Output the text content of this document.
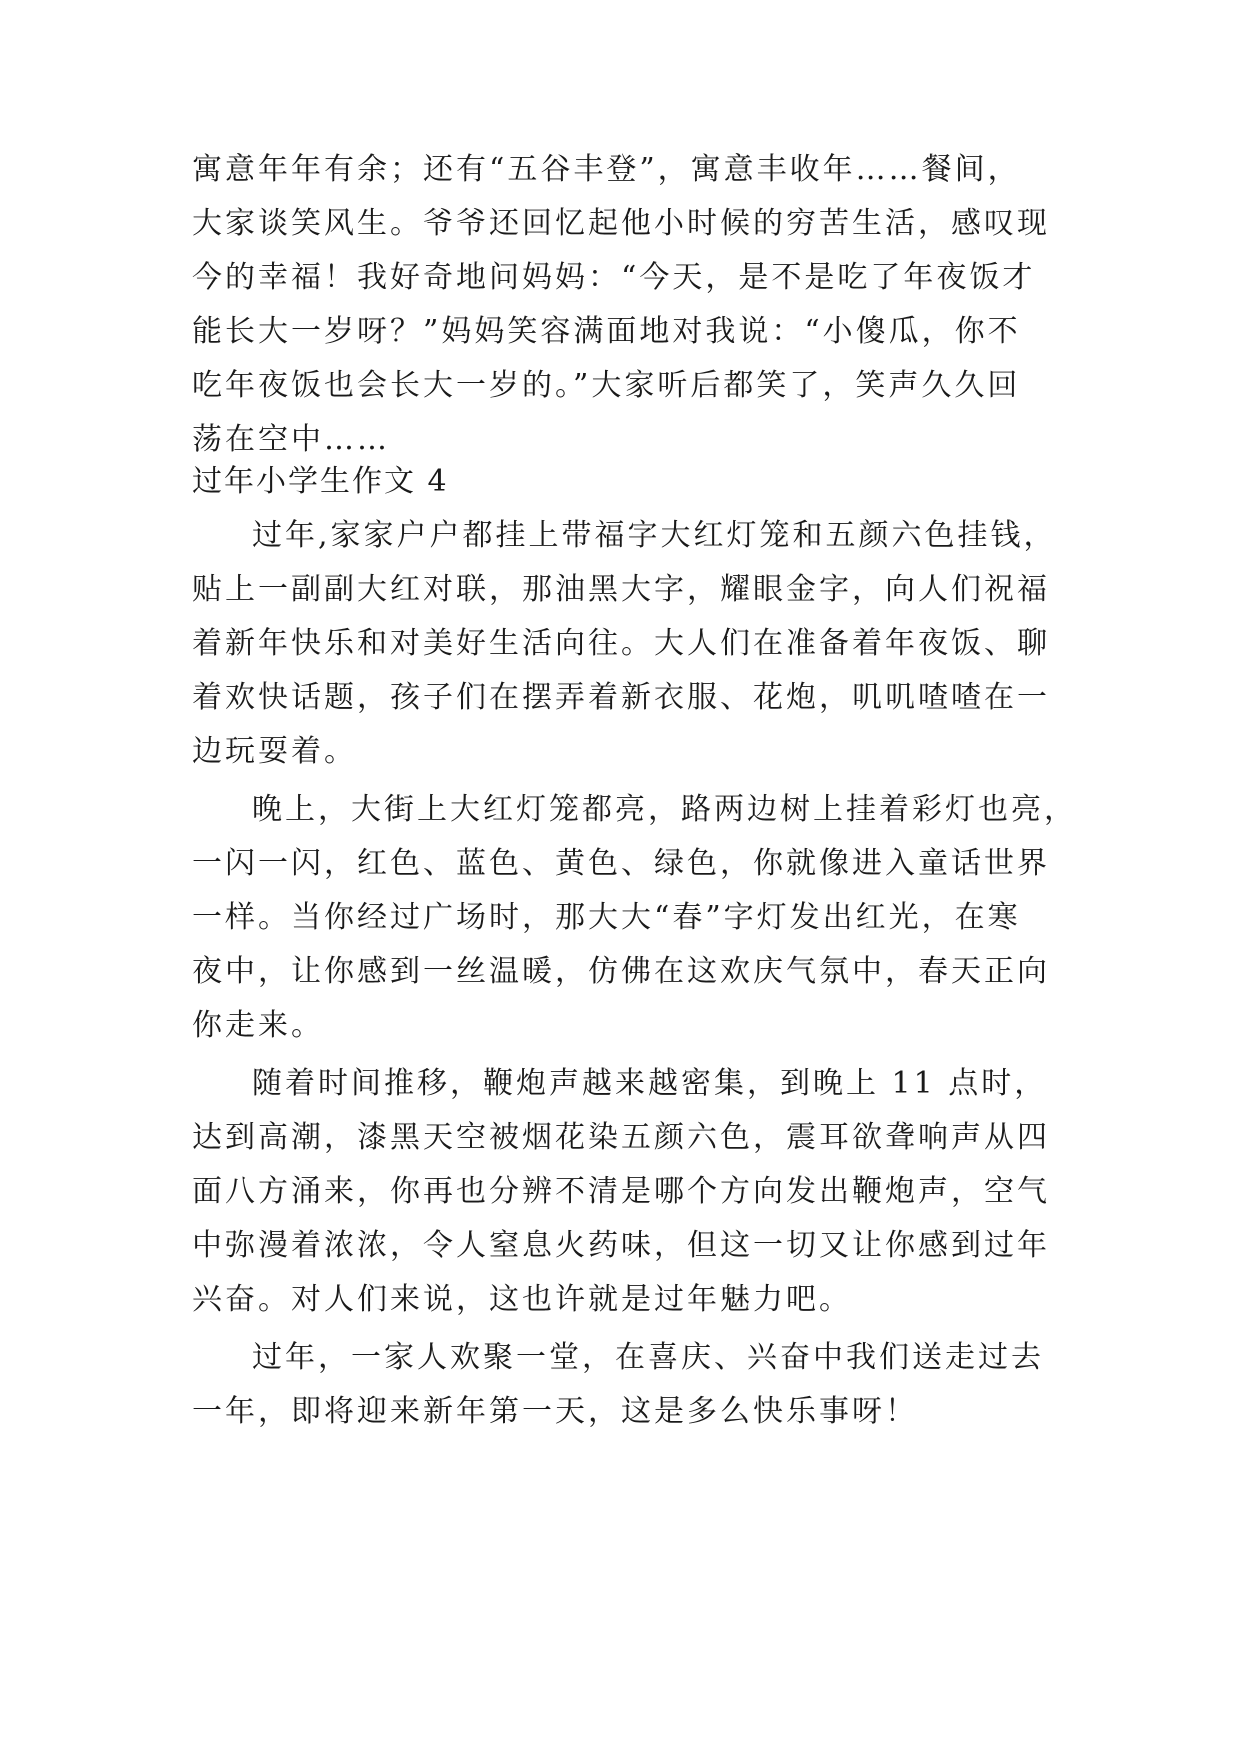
寓意年年有余；还有“五谷丰登”，寓意丰收年……餐间，
大家谈笑风生。爷爷还回忆起他小时候的穷苦生活，感叹现
今的幸福！我好奇地问妈妈：“今天，是不是吃了年夜饭才
能长大一岁呀？”妈妈笑容满面地对我说：“小傻瓜，你不
吃年夜饭也会长大一岁的。”大家听后都笑了，笑声久久回
荡在空中……
过年小学生作文 4
过年,家家户户都挂上带福字大红灯笼和五颜六色挂钱，
贴上一副副大红对联，那油黑大字，耀眼金字，向人们祝福
着新年快乐和对美好生活向往。大人们在准备着年夜饭、聊
着欢快话题，孩子们在摆弄着新衣服、花炮，叽叽喳喳在一
边玩耍着。
晚上，大街上大红灯笼都亮，路两边树上挂着彩灯也亮，
一闪一闪，红色、蓝色、黄色、绿色，你就像进入童话世界
一样。当你经过广场时，那大大“春”字灯发出红光，在寒
夜中，让你感到一丝温暖，仿佛在这欢庆气氛中，春天正向
你走来。
随着时间推移，鞭炮声越来越密集，到晚上 11 点时，
达到高潮，漆黑天空被烟花染五颜六色，震耳欲聋响声从四
面八方涌来，你再也分辨不清是哪个方向发出鞭炮声，空气
中弥漫着浓浓，令人窒息火药味，但这一切又让你感到过年
兴奋。对人们来说，这也许就是过年魅力吧。
过年，一家人欢聚一堂，在喜庆、兴奋中我们送走过去
一年，即将迎来新年第一天，这是多么快乐事呀！
